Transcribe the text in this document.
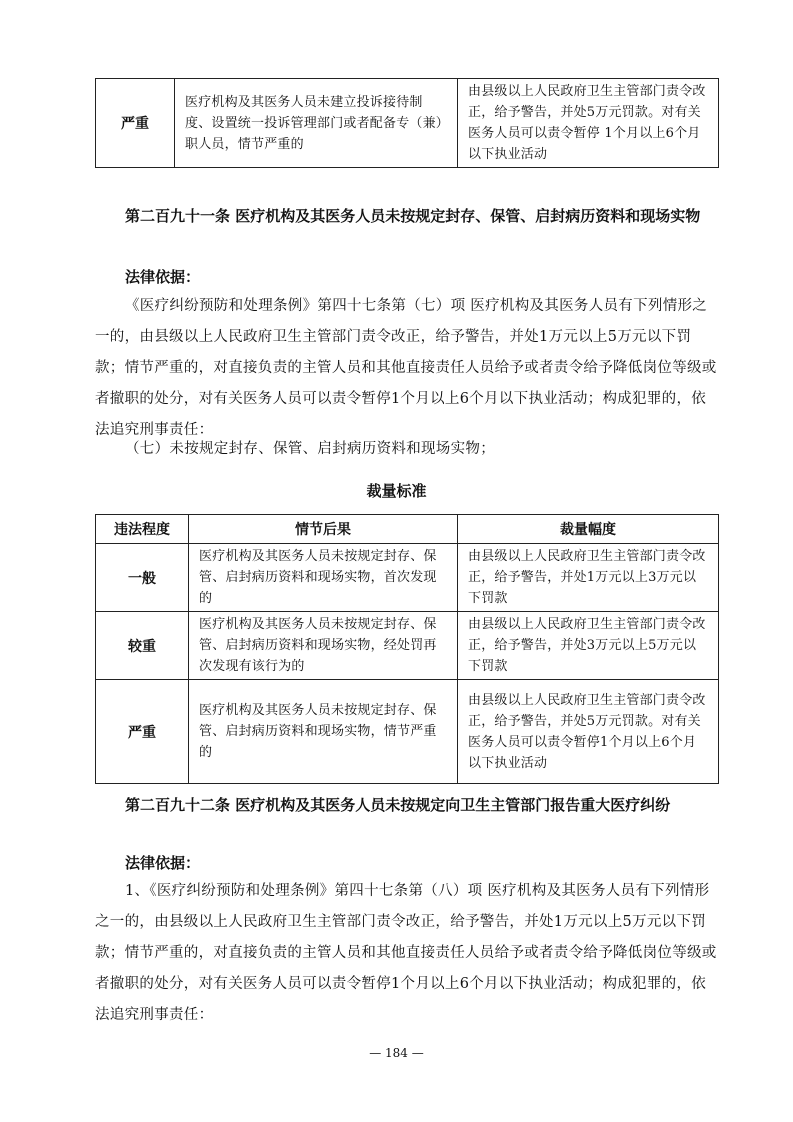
严重	医疗机构及其医务人员未建立投诉接待制度、设置统一投诉管理部门或者配备专（兼）职人员，情节严重的	由县级以上人民政府卫生主管部门责令改正，给予警告，并处5万元罚款。对有关医务人员可以责令暂停 1个月以上6个月以下执业活动
第二百九十一条 医疗机构及其医务人员未按规定封存、保管、启封病历资料和现场实物
法律依据：
《医疗纠纷预防和处理条例》第四十七条第（七）项 医疗机构及其医务人员有下列情形之一的，由县级以上人民政府卫生主管部门责令改正，给予警告，并处1万元以上5万元以下罚款；情节严重的，对直接负责的主管人员和其他直接责任人员给予或者责令给予降低岗位等级或者撤职的处分，对有关医务人员可以责令暂停1个月以上6个月以下执业活动；构成犯罪的，依法追究刑事责任：
（七）未按规定封存、保管、启封病历资料和现场实物；
裁量标准
违法程度	情节后果	裁量幅度
一般	医疗机构及其医务人员未按规定封存、保管、启封病历资料和现场实物，首次发现的	由县级以上人民政府卫生主管部门责令改正，给予警告，并处1万元以上3万元以下罚款
较重	医疗机构及其医务人员未按规定封存、保管、启封病历资料和现场实物，经处罚再次发现有该行为的	由县级以上人民政府卫生主管部门责令改正，给予警告，并处3万元以上5万元以下罚款
严重	医疗机构及其医务人员未按规定封存、保管、启封病历资料和现场实物，情节严重的	由县级以上人民政府卫生主管部门责令改正，给予警告，并处5万元罚款。对有关医务人员可以责令暂停1个月以上6个月以下执业活动
第二百九十二条 医疗机构及其医务人员未按规定向卫生主管部门报告重大医疗纠纷
法律依据：
1、《医疗纠纷预防和处理条例》第四十七条第（八）项 医疗机构及其医务人员有下列情形之一的，由县级以上人民政府卫生主管部门责令改正，给予警告，并处1万元以上5万元以下罚款；情节严重的，对直接负责的主管人员和其他直接责任人员给予或者责令给予降低岗位等级或者撤职的处分，对有关医务人员可以责令暂停1个月以上6个月以下执业活动；构成犯罪的，依法追究刑事责任：
— 184 —
